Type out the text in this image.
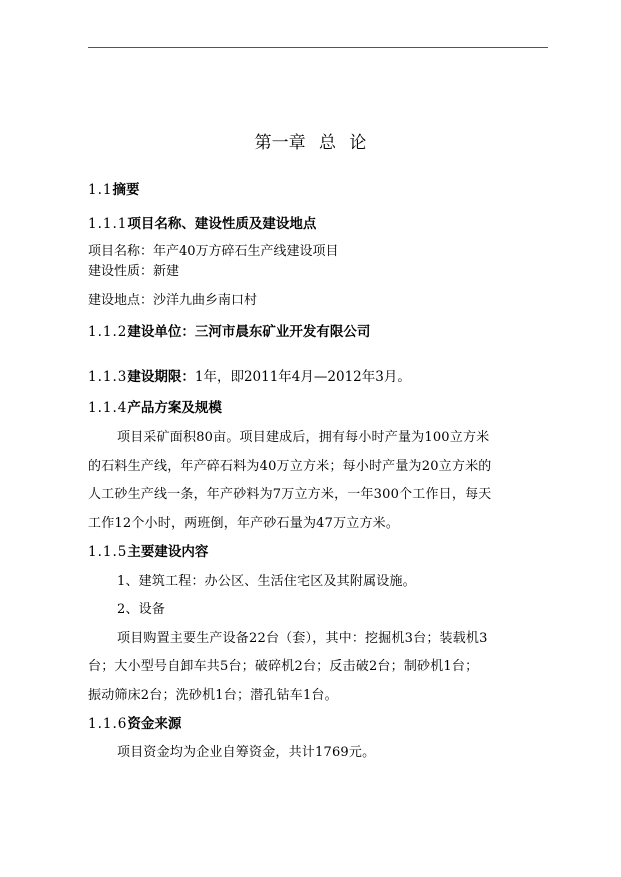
第一章 总 论
1.1摘要
1.1.1项目名称、建设性质及建设地点
项目名称：年产40万方碎石生产线建设项目
建设性质：新建
建设地点：沙洋九曲乡南口村
1.1.2建设单位：三河市晨东矿业开发有限公司
1.1.3建设期限：1年，即2011年4月—2012年3月。
1.1.4产品方案及规模
项目采矿面积80亩。项目建成后，拥有每小时产量为100立方米
的石料生产线，年产碎石料为40万立方米；每小时产量为20立方米的
人工砂生产线一条，年产砂料为7万立方米，一年300个工作日，每天
工作12个小时，两班倒，年产砂石量为47万立方米。
1.1.5主要建设内容
1、建筑工程：办公区、生活住宅区及其附属设施。
2、设备
项目购置主要生产设备22台（套），其中：挖掘机3台；装载机3
台；大小型号自卸车共5台；破碎机2台；反击破2台；制砂机1台；
振动筛床2台；洗砂机1台；潜孔钻车1台。
1.1.6资金来源
项目资金均为企业自筹资金，共计1769元。
